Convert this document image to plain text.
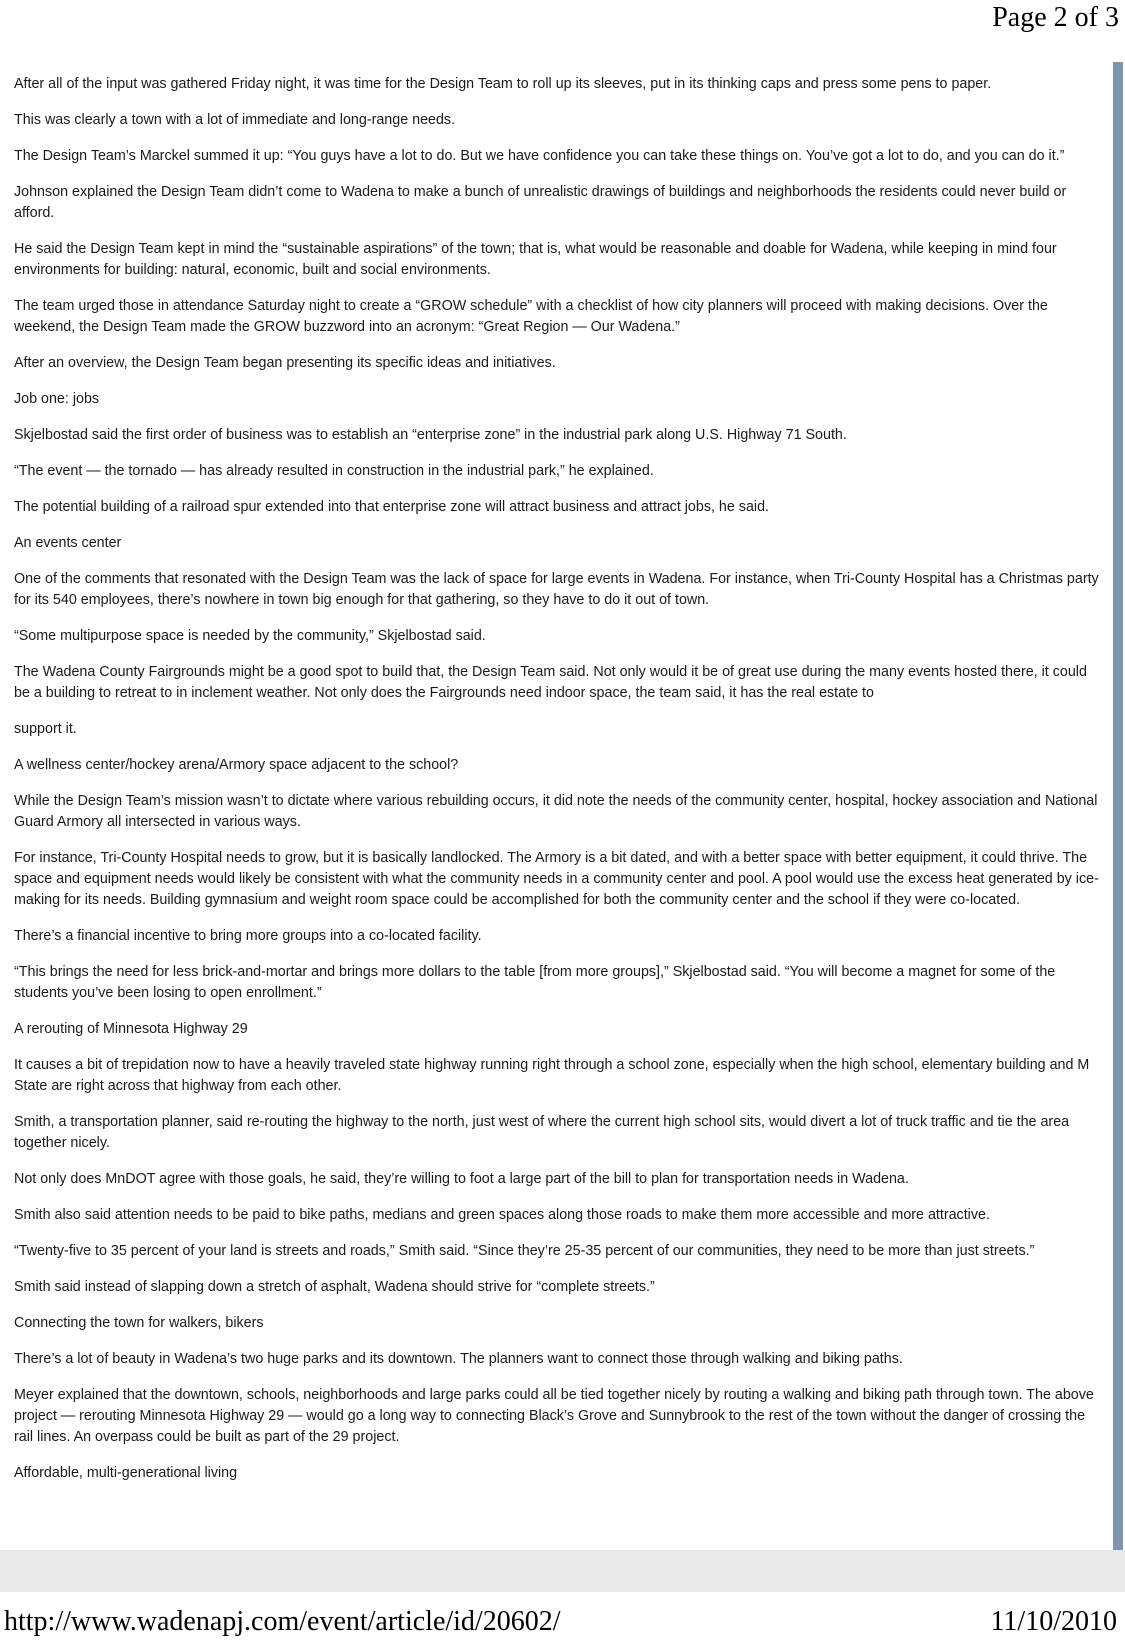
Page 2 of 3

After all of the input was gathered Friday night, it was time for the Design Team to roll up its sleeves, put in its thinking caps and press some pens to paper.

This was clearly a town with a lot of immediate and long-range needs.

The Design Team’s Marckel summed it up: “You guys have a lot to do. But we have confidence you can take these things on. You’ve got a lot to do, and you can do it.”

Johnson explained the Design Team didn’t come to Wadena to make a bunch of unrealistic drawings of buildings and neighborhoods the residents could never build or afford.

He said the Design Team kept in mind the “sustainable aspirations” of the town; that is, what would be reasonable and doable for Wadena, while keeping in mind four environments for building: natural, economic, built and social environments.

The team urged those in attendance Saturday night to create a “GROW schedule” with a checklist of how city planners will proceed with making decisions. Over the weekend, the Design Team made the GROW buzzword into an acronym: “Great Region — Our Wadena.”

After an overview, the Design Team began presenting its specific ideas and initiatives.

Job one: jobs

Skjelbostad said the first order of business was to establish an “enterprise zone” in the industrial park along U.S. Highway 71 South.

“The event — the tornado — has already resulted in construction in the industrial park,” he explained.

The potential building of a railroad spur extended into that enterprise zone will attract business and attract jobs, he said.

An events center

One of the comments that resonated with the Design Team was the lack of space for large events in Wadena. For instance, when Tri-County Hospital has a Christmas party for its 540 employees, there’s nowhere in town big enough for that gathering, so they have to do it out of town.

“Some multipurpose space is needed by the community,” Skjelbostad said.

The Wadena County Fairgrounds might be a good spot to build that, the Design Team said. Not only would it be of great use during the many events hosted there, it could be a building to retreat to in inclement weather. Not only does the Fairgrounds need indoor space, the team said, it has the real estate to

support it.

A wellness center/hockey arena/Armory space adjacent to the school?

While the Design Team’s mission wasn’t to dictate where various rebuilding occurs, it did note the needs of the community center, hospital, hockey association and National Guard Armory all intersected in various ways.

For instance, Tri-County Hospital needs to grow, but it is basically landlocked. The Armory is a bit dated, and with a better space with better equipment, it could thrive. The space and equipment needs would likely be consistent with what the community needs in a community center and pool. A pool would use the excess heat generated by ice-making for its needs. Building gymnasium and weight room space could be accomplished for both the community center and the school if they were co-located.

There’s a financial incentive to bring more groups into a co-located facility.

“This brings the need for less brick-and-mortar and brings more dollars to the table [from more groups],” Skjelbostad said. “You will become a magnet for some of the students you’ve been losing to open enrollment.”

A rerouting of Minnesota Highway 29

It causes a bit of trepidation now to have a heavily traveled state highway running right through a school zone, especially when the high school, elementary building and M State are right across that highway from each other.

Smith, a transportation planner, said re-routing the highway to the north, just west of where the current high school sits, would divert a lot of truck traffic and tie the area together nicely.

Not only does MnDOT agree with those goals, he said, they’re willing to foot a large part of the bill to plan for transportation needs in Wadena.

Smith also said attention needs to be paid to bike paths, medians and green spaces along those roads to make them more accessible and more attractive.

“Twenty-five to 35 percent of your land is streets and roads,” Smith said. “Since they’re 25-35 percent of our communities, they need to be more than just streets.”

Smith said instead of slapping down a stretch of asphalt, Wadena should strive for “complete streets.”

Connecting the town for walkers, bikers

There’s a lot of beauty in Wadena’s two huge parks and its downtown. The planners want to connect those through walking and biking paths.

Meyer explained that the downtown, schools, neighborhoods and large parks could all be tied together nicely by routing a walking and biking path through town. The above project — rerouting Minnesota Highway 29 — would go a long way to connecting Black’s Grove and Sunnybrook to the rest of the town without the danger of crossing the rail lines. An overpass could be built as part of the 29 project.

Affordable, multi-generational living

http://www.wadenapj.com/event/article/id/20602/	11/10/2010
